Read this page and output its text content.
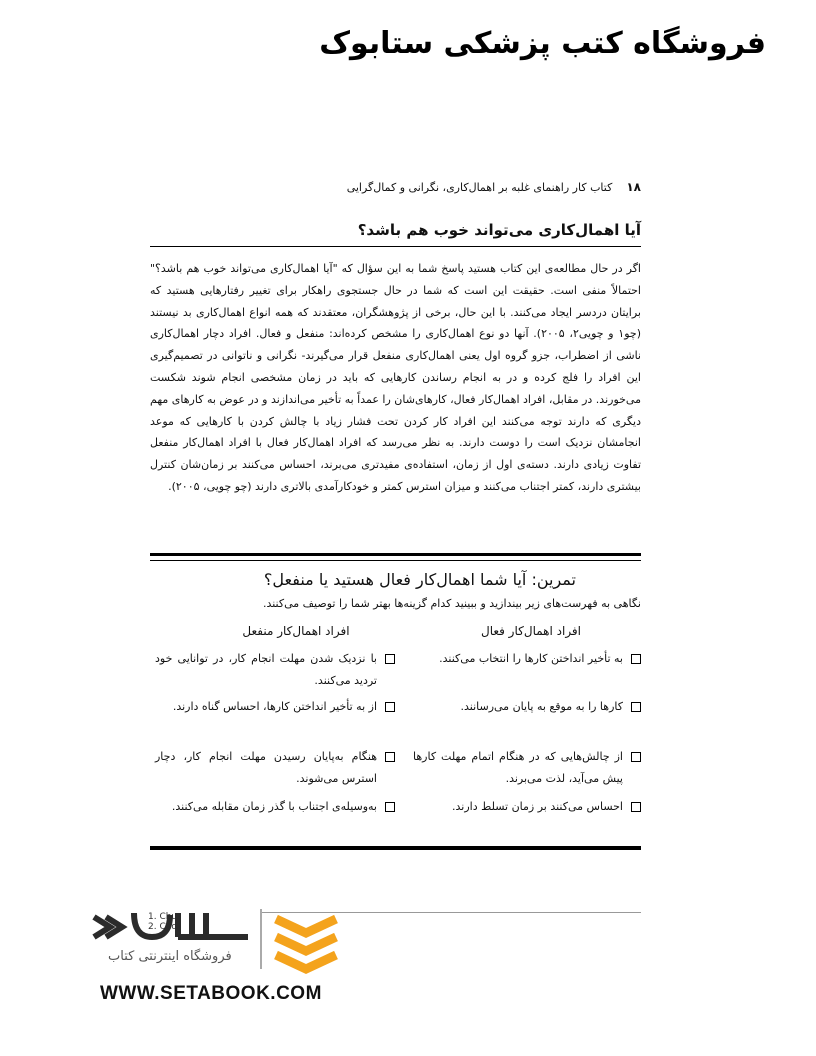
فروشگاه کتب پزشکی ستابوک
۱۸
کتاب کار راهنمای غلبه بر اهمال‌کاری، نگرانی و کمال‌گرایی
آیا اهمال‌کاری می‌تواند خوب هم باشد؟
اگر در حال مطالعه‌ی این کتاب هستید پاسخ شما به این سؤال که "آیا اهمال‌کاری می‌تواند خوب هم باشد؟" احتمالاً منفی است. حقیقت این است که شما در حال جستجوی راهکار برای تغییر رفتارهایی هستید که برایتان دردسر ایجاد می‌کنند. با این حال، برخی از پژوهشگران، معتقدند که همه انواع اهمال‌کاری بد نیستند (چو۱ و چویی۲، ۲۰۰۵). آنها دو نوع اهمال‌کاری را مشخص کرده‌اند: منفعل و فعال. افراد دچار اهمال‌کاری ناشی از اضطراب، جزو گروه اول یعنی اهمال‌کاری منفعل قرار می‌گیرند- نگرانی و ناتوانی در تصمیم‌گیری این افراد را فلج کرده و در به انجام رساندن کارهایی که باید در زمان مشخصی انجام شوند شکست می‌خورند. در مقابل، افراد اهمال‌کار فعال، کارهای‌شان را عمداً به تأخیر می‌اندازند و در عوض به کارهای مهم دیگری که دارند توجه می‌کنند این افراد کار کردن تحت فشار زیاد با چالش کردن با کارهایی که موعد انجامشان نزدیک است را دوست دارند. به نظر می‌رسد که افراد اهمال‌کار فعال با افراد اهمال‌کار منفعل تفاوت زیادی دارند. دسته‌ی اول از زمان، استفاده‌ی مفیدتری می‌برند، احساس می‌کنند بر زمان‌شان کنترل بیشتری دارند، کمتر اجتناب می‌کنند و میزان استرس کمتر و خودکارآمدی بالاتری دارند (چو چویی، ۲۰۰۵).
تمرین: آیا شما اهمال‌کار فعال هستید یا منفعل؟
نگاهی به فهرست‌های زیر بیندازید و ببینید کدام گزینه‌ها بهتر شما را توصیف می‌کنند.
افراد اهمال‌کار فعال
افراد اهمال‌کار منفعل
به تأخیر انداختن کارها را انتخاب می‌کنند.
کارها را به موقع به پایان می‌رسانند.
از چالش‌هایی که در هنگام اتمام مهلت کارها پیش می‌آید، لذت می‌برند.
احساس می‌کنند بر زمان تسلط دارند.
با نزدیک شدن مهلت انجام کار، در توانایی خود تردید می‌کنند.
از به تأخیر انداختن کارها، احساس گناه دارند.
هنگام به‌پایان رسیدن مهلت انجام کار، دچار استرس می‌شوند.
به‌وسیله‌ی اجتناب با گذر زمان مقابله می‌کنند.
1. Chu
2. Choi
فروشگاه اینترنتی کتاب
WWW.SETABOOK.COM
